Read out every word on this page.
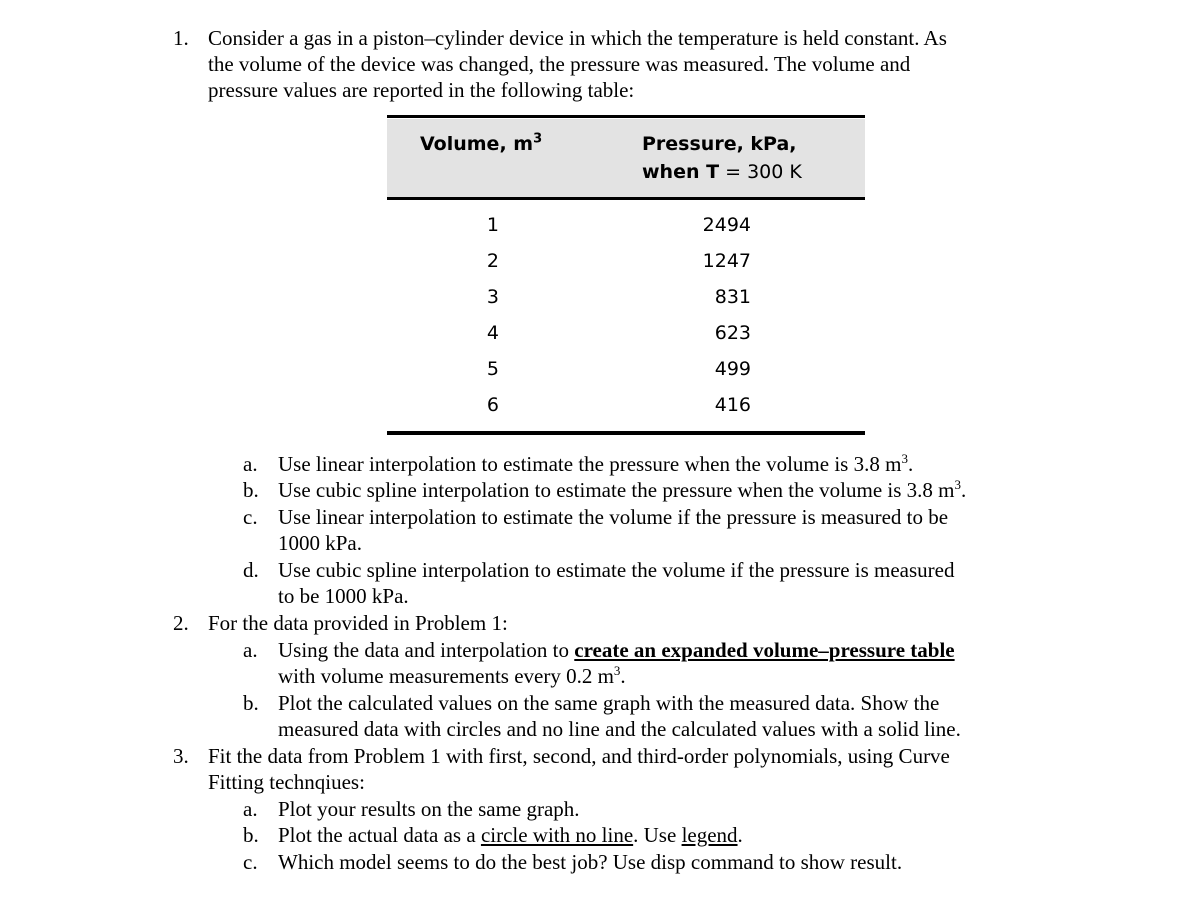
1. Consider a gas in a piston–cylinder device in which the temperature is held constant. As
the volume of the device was changed, the pressure was measured. The volume and
pressure values are reported in the following table:
Volume, $m^3$	Pressure, kPa,
when T = 300 K
1
2
3
4
5
6
2494
1247
831
623
499
416
a. Use linear interpolation to estimate the pressure when the volume is 3.8 $m^3$.
b. Use cubic spline interpolation to estimate the pressure when the volume is 3.8 $m^3$.
c. Use linear interpolation to estimate the volume if the pressure is measured to be
1000 kPa.
d. Use cubic spline interpolation to estimate the volume if the pressure is measured
to be 1000 kPa.
2. For the data provided in Problem 1:
a. Using the data and interpolation to create an expanded volume–pressure table
with volume measurements every 0.2 $m^3$.
b. Plot the calculated values on the same graph with the measured data. Show the
measured data with circles and no line and the calculated values with a solid line.
3. Fit the data from Problem 1 with first, second, and third-order polynomials, using Curve
Fitting technqiues:
a. Plot your results on the same graph.
b. Plot the actual data as a circle with no line. Use legend.
c. Which model seems to do the best job? Use disp command to show result.
